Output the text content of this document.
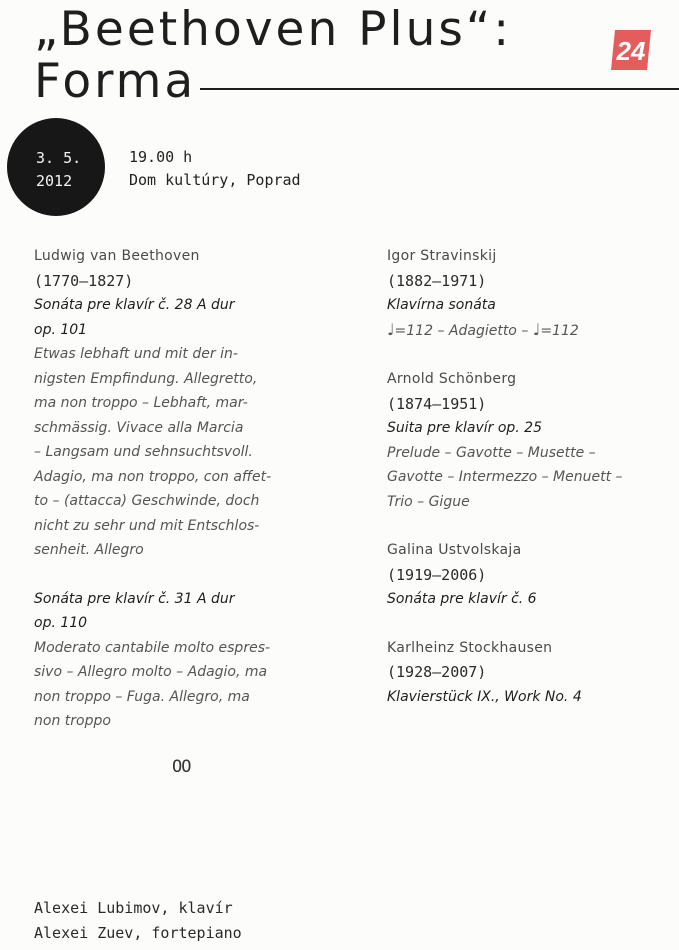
„Beethoven Plus“:
Forma
24
3. 5.
2012
19.00 h
Dom kultúry, Poprad
Ludwig van Beethoven
(1770–1827)
Sonáta pre klavír č. 28 A dur
op. 101
Etwas lebhaft und mit der in-
nigsten Empfindung. Allegretto,
ma non troppo – Lebhaft, mar-
schmässig. Vivace alla Marcia
– Langsam und sehnsuchtsvoll.
Adagio, ma non troppo, con affet-
to – (attacca) Geschwinde, doch
nicht zu sehr und mit Entschlos-
senheit. Allegro
Sonáta pre klavír č. 31 A dur
op. 110
Moderato cantabile molto espres-
sivo – Allegro molto – Adagio, ma
non troppo – Fuga. Allegro, ma
non troppo
Igor Stravinskij
(1882–1971)
Klavírna sonáta
♩=112 – Adagietto – ♩=112
Arnold Schönberg
(1874–1951)
Suita pre klavír op. 25
Prelude – Gavotte – Musette –
Gavotte – Intermezzo – Menuett –
Trio – Gigue
Galina Ustvolskaja
(1919–2006)
Sonáta pre klavír č. 6
Karlheinz Stockhausen
(1928–2007)
Klavierstück IX., Work No. 4
OO
Alexei Lubimov, klavír
Alexei Zuev, fortepiano
